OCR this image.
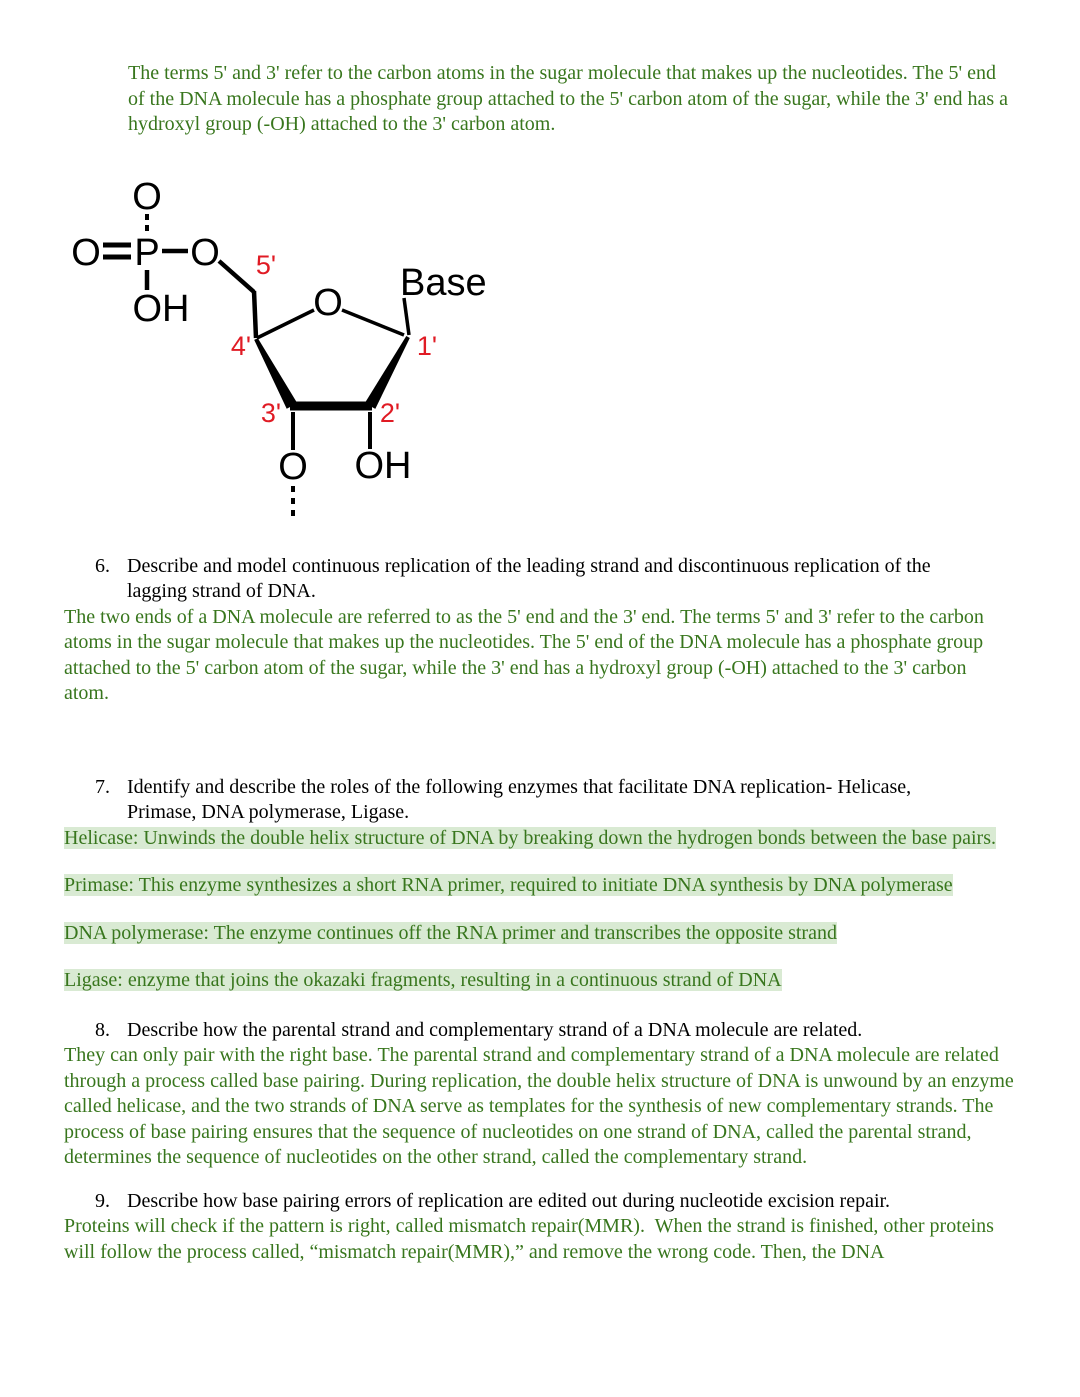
The terms 5' and 3' refer to the carbon atoms in the sugar molecule that makes up the nucleotides. The 5' end of the DNA molecule has a phosphate group attached to the 5' carbon atom of the sugar, while the 3' end has a hydroxyl group (-OH) attached to the 3' carbon atom.

O
O P O
OH	O Base
O OH
5'
4'	1'
3'	2'
6. Describe and model continuous replication of the leading strand and discontinuous replication of the lagging strand of DNA.

The two ends of a DNA molecule are referred to as the 5' end and the 3' end. The terms 5' and 3' refer to the carbon atoms in the sugar molecule that makes up the nucleotides. The 5' end of the DNA molecule has a phosphate group attached to the 5' carbon atom of the sugar, while the 3' end has a hydroxyl group (-OH) attached to the 3' carbon atom.

7. Identify and describe the roles of the following enzymes that facilitate DNA replication- Helicase, Primase, DNA polymerase, Ligase.

Helicase: Unwinds the double helix structure of DNA by breaking down the hydrogen bonds between the base pairs.

Primase: This enzyme synthesizes a short RNA primer, required to initiate DNA synthesis by DNA polymerase

DNA polymerase: The enzyme continues off the RNA primer and transcribes the opposite strand

Ligase: enzyme that joins the okazaki fragments, resulting in a continuous strand of DNA

8. Describe how the parental strand and complementary strand of a DNA molecule are related.

They can only pair with the right base. The parental strand and complementary strand of a DNA molecule are related through a process called base pairing. During replication, the double helix structure of DNA is unwound by an enzyme called helicase, and the two strands of DNA serve as templates for the synthesis of new complementary strands. The process of base pairing ensures that the sequence of nucleotides on one strand of DNA, called the parental strand, determines the sequence of nucleotides on the other strand, called the complementary strand.

9. Describe how base pairing errors of replication are edited out during nucleotide excision repair.

Proteins will check if the pattern is right, called mismatch repair(MMR).  When the strand is finished, other proteins will follow the process called, “mismatch repair(MMR),” and remove the wrong code. Then, the DNA
